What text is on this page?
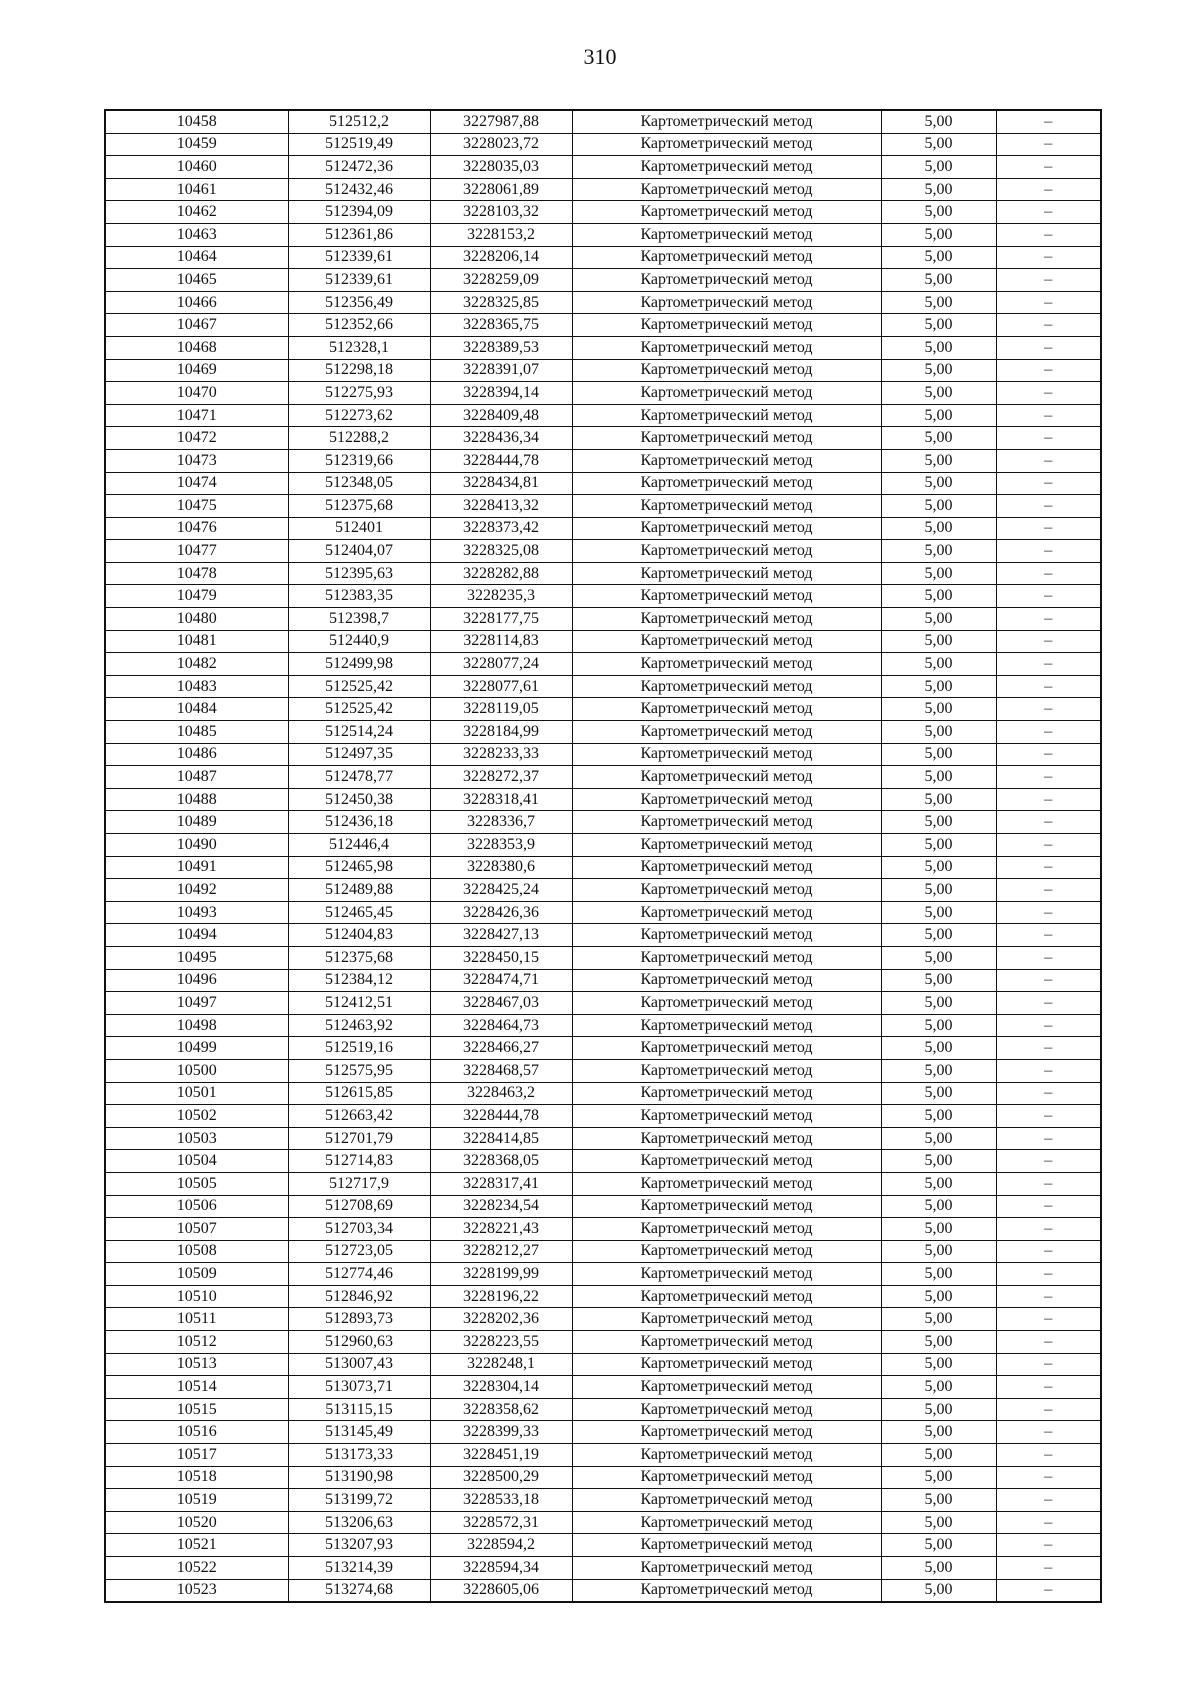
310
10458	512512,2	3227987,88	Картометрический метод	5,00	–
10459	512519,49	3228023,72	Картометрический метод	5,00	–
10460	512472,36	3228035,03	Картометрический метод	5,00	–
10461	512432,46	3228061,89	Картометрический метод	5,00	–
10462	512394,09	3228103,32	Картометрический метод	5,00	–
10463	512361,86	3228153,2	Картометрический метод	5,00	–
10464	512339,61	3228206,14	Картометрический метод	5,00	–
10465	512339,61	3228259,09	Картометрический метод	5,00	–
10466	512356,49	3228325,85	Картометрический метод	5,00	–
10467	512352,66	3228365,75	Картометрический метод	5,00	–
10468	512328,1	3228389,53	Картометрический метод	5,00	–
10469	512298,18	3228391,07	Картометрический метод	5,00	–
10470	512275,93	3228394,14	Картометрический метод	5,00	–
10471	512273,62	3228409,48	Картометрический метод	5,00	–
10472	512288,2	3228436,34	Картометрический метод	5,00	–
10473	512319,66	3228444,78	Картометрический метод	5,00	–
10474	512348,05	3228434,81	Картометрический метод	5,00	–
10475	512375,68	3228413,32	Картометрический метод	5,00	–
10476	512401	3228373,42	Картометрический метод	5,00	–
10477	512404,07	3228325,08	Картометрический метод	5,00	–
10478	512395,63	3228282,88	Картометрический метод	5,00	–
10479	512383,35	3228235,3	Картометрический метод	5,00	–
10480	512398,7	3228177,75	Картометрический метод	5,00	–
10481	512440,9	3228114,83	Картометрический метод	5,00	–
10482	512499,98	3228077,24	Картометрический метод	5,00	–
10483	512525,42	3228077,61	Картометрический метод	5,00	–
10484	512525,42	3228119,05	Картометрический метод	5,00	–
10485	512514,24	3228184,99	Картометрический метод	5,00	–
10486	512497,35	3228233,33	Картометрический метод	5,00	–
10487	512478,77	3228272,37	Картометрический метод	5,00	–
10488	512450,38	3228318,41	Картометрический метод	5,00	–
10489	512436,18	3228336,7	Картометрический метод	5,00	–
10490	512446,4	3228353,9	Картометрический метод	5,00	–
10491	512465,98	3228380,6	Картометрический метод	5,00	–
10492	512489,88	3228425,24	Картометрический метод	5,00	–
10493	512465,45	3228426,36	Картометрический метод	5,00	–
10494	512404,83	3228427,13	Картометрический метод	5,00	–
10495	512375,68	3228450,15	Картометрический метод	5,00	–
10496	512384,12	3228474,71	Картометрический метод	5,00	–
10497	512412,51	3228467,03	Картометрический метод	5,00	–
10498	512463,92	3228464,73	Картометрический метод	5,00	–
10499	512519,16	3228466,27	Картометрический метод	5,00	–
10500	512575,95	3228468,57	Картометрический метод	5,00	–
10501	512615,85	3228463,2	Картометрический метод	5,00	–
10502	512663,42	3228444,78	Картометрический метод	5,00	–
10503	512701,79	3228414,85	Картометрический метод	5,00	–
10504	512714,83	3228368,05	Картометрический метод	5,00	–
10505	512717,9	3228317,41	Картометрический метод	5,00	–
10506	512708,69	3228234,54	Картометрический метод	5,00	–
10507	512703,34	3228221,43	Картометрический метод	5,00	–
10508	512723,05	3228212,27	Картометрический метод	5,00	–
10509	512774,46	3228199,99	Картометрический метод	5,00	–
10510	512846,92	3228196,22	Картометрический метод	5,00	–
10511	512893,73	3228202,36	Картометрический метод	5,00	–
10512	512960,63	3228223,55	Картометрический метод	5,00	–
10513	513007,43	3228248,1	Картометрический метод	5,00	–
10514	513073,71	3228304,14	Картометрический метод	5,00	–
10515	513115,15	3228358,62	Картометрический метод	5,00	–
10516	513145,49	3228399,33	Картометрический метод	5,00	–
10517	513173,33	3228451,19	Картометрический метод	5,00	–
10518	513190,98	3228500,29	Картометрический метод	5,00	–
10519	513199,72	3228533,18	Картометрический метод	5,00	–
10520	513206,63	3228572,31	Картометрический метод	5,00	–
10521	513207,93	3228594,2	Картометрический метод	5,00	–
10522	513214,39	3228594,34	Картометрический метод	5,00	–
10523	513274,68	3228605,06	Картометрический метод	5,00	–
